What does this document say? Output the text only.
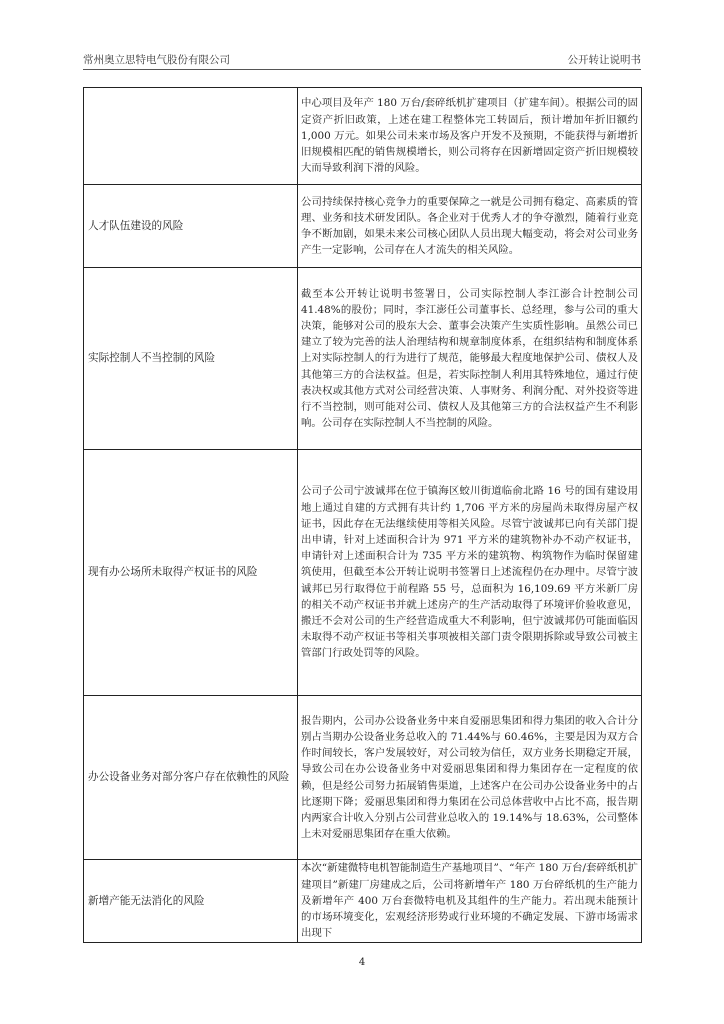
常州奥立思特电气股份有限公司	公开转让说明书
	中心项目及年产 180 万台/套碎纸机扩建项目（扩建车间）。根据公司的固定资产折旧政策，上述在建工程整体完工转固后，预计增加年折旧额约 1,000 万元。如果公司未来市场及客户开发不及预期，不能获得与新增折旧规模相匹配的销售规模增长，则公司将存在因新增固定资产折旧规模较大而导致利润下滑的风险。
人才队伍建设的风险	公司持续保持核心竞争力的重要保障之一就是公司拥有稳定、高素质的管理、业务和技术研发团队。各企业对于优秀人才的争夺激烈，随着行业竞争不断加剧，如果未来公司核心团队人员出现大幅变动，将会对公司业务产生一定影响，公司存在人才流失的相关风险。
实际控制人不当控制的风险	截至本公开转让说明书签署日，公司实际控制人李江澎合计控制公司 41.48%的股份；同时，李江澎任公司董事长、总经理，参与公司的重大决策，能够对公司的股东大会、董事会决策产生实质性影响。虽然公司已建立了较为完善的法人治理结构和规章制度体系，在组织结构和制度体系上对实际控制人的行为进行了规范，能够最大程度地保护公司、债权人及其他第三方的合法权益。但是，若实际控制人利用其特殊地位，通过行使表决权或其他方式对公司经营决策、人事财务、利润分配、对外投资等进行不当控制，则可能对公司、债权人及其他第三方的合法权益产生不利影响。公司存在实际控制人不当控制的风险。
现有办公场所未取得产权证书的风险	公司子公司宁波诚邦在位于镇海区蛟川街道临俞北路 16 号的国有建设用地上通过自建的方式拥有共计约 1,706 平方米的房屋尚未取得房屋产权证书，因此存在无法继续使用等相关风险。尽管宁波诚邦已向有关部门提出申请，针对上述面积合计为 971 平方米的建筑物补办不动产权证书，申请针对上述面积合计为 735 平方米的建筑物、构筑物作为临时保留建筑使用，但截至本公开转让说明书签署日上述流程仍在办理中。尽管宁波诚邦已另行取得位于前程路 55 号，总面积为 16,109.69 平方米新厂房的相关不动产权证书并就上述房产的生产活动取得了环境评价验收意见，搬迁不会对公司的生产经营造成重大不利影响，但宁波诚邦仍可能面临因未取得不动产权证书等相关事项被相关部门责令限期拆除或导致公司被主管部门行政处罚等的风险。
办公设备业务对部分客户存在依赖性的风险	报告期内，公司办公设备业务中来自爱丽思集团和得力集团的收入合计分别占当期办公设备业务总收入的 71.44%与 60.46%，主要是因为双方合作时间较长，客户发展较好，对公司较为信任，双方业务长期稳定开展，导致公司在办公设备业务中对爱丽思集团和得力集团存在一定程度的依赖，但是经公司努力拓展销售渠道，上述客户在公司办公设备业务中的占比逐期下降；爱丽思集团和得力集团在公司总体营收中占比不高，报告期内两家合计收入分别占公司营业总收入的 19.14%与 18.63%，公司整体上未对爱丽思集团存在重大依赖。
新增产能无法消化的风险	本次“新建微特电机智能制造生产基地项目”、“年产 180 万台/套碎纸机扩建项目”新建厂房建成之后，公司将新增年产 180 万台碎纸机的生产能力及新增年产 400 万台套微特电机及其组件的生产能力。若出现未能预计的市场环境变化，宏观经济形势或行业环境的不确定发展、下游市场需求出现下
4
